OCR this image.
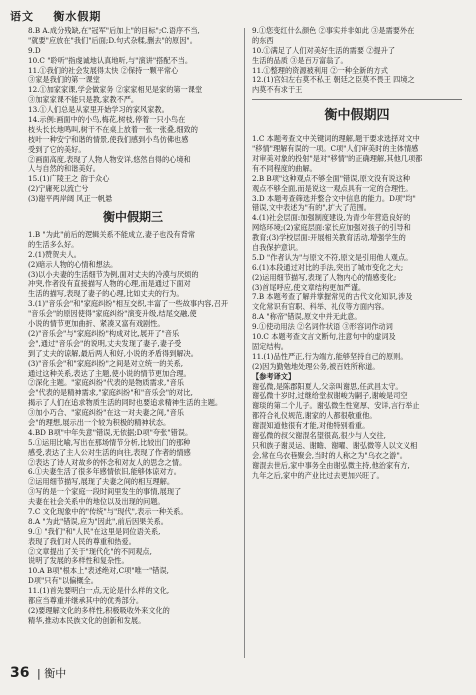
语文 衡水假期
8.B A.成分残缺,在"冠军"后加上"的目标";C.语序不当,
"就要"应放在"我们"后面;D.句式杂糅,删去"的原因"。
9.D
10.C "聆听"指虔诚地认真地听,与"演讲"搭配不当。
11.①我们的社会发展得太快 ②保持一颗平常心
③家是我们的第一课堂
12.①加家家课,学会做家务 ②家家相见是家的第一课堂
③加家家课不能只是教,家教不严。
13.①人们总是从家里开始学习的家风家教。
14.示例:画面中的小鸟,梅花,树枝,停着一只小鸟在
枝头长长地鸣叫,树干不在桌上放着一张一张叠,细致的
枝叶一种安宁和谐的情景,使我们感到小鸟仿佛也感
受到了它的美好。
②画面高度,表现了人物人物安详,悠然自得的心境和
人与自然的和谐美好。
15.(1)广陵王之 韵于众心
(2)宁庸死以流亡兮
(3)谢平两岸阔 风正一帆悬
衡中假期三
1.B "为此"前后的逻辑关系不能成立,妻子也没有背常
的生活多么好。
2.(1)赞贺夫人。
(2)暗示人物的心情和想法。
(3)以小夫妻的生活细节为例,面对丈夫的冷漠与厌烦的
冲突,作者没有直接描写人物的心理,而是通过下面对
生活的描写,表现了妻子的心理,比如丈夫的行为。
3.(1)"音乐会"和"家庭纠纷"相互交织,丰富了一些故事内容,召开
"音乐会"的原因使得"家庭纠纷"演变升级,结尾交融,使
小说的情节更加曲折、紧凑又富有戏剧性。
(2)"音乐会"与"家庭纠纷"构成对比,展开了"音乐
会",通过"音乐会"的说明,丈夫发现了妻子,妻子受
到了丈夫的谅解,最后两人和好,小说的矛盾得到解决。
(3)"音乐会"和"家庭纠纷"之间是对立统一的关系,
通过这种关系,表达了主题,使小说的情节更加合理。
②深化主题。"家庭纠纷"代表的是物质需求,"音乐
会"代表的是精神需求,"家庭纠纷"和"音乐会"的对比,
揭示了人们在追求物质生活的同时也要追求精神生活的主题。
③加小巧合、"家庭纠纷"在这一对夫妻之间,"音乐
会"的理想,展示出一个较为积极的精神状态。
4.BD B项"中年失意"错误,无依据;D项"夸张"错误。
5.①运用比喻,写出在那场情节分析,比较出门的那种
感受,表达了主人公对生活的向往,表现了作者的情感
②表达了诗人对故乡的怀念和对友人的思念之情。
6.①夫妻生活了很多年感情依旧,能够体谅对方。
②运用细节描写,展现了夫妻之间的相互理解。
③写的是一个家庭一段时间里发生的事情,展现了
夫妻在社会关系中的地位以及出现的问题。
7.C 文化现象中的"传统"与"现代",表示一种关系。
8.A "为此"错误,应为"因此",前后因果关系。
9.① "我们"和"人民"在这里是同位语关系,
表现了我们对人民的尊重和热爱。
②文章提出了关于"现代化"的不同观点,
说明了发展的多样性和复杂性。
10.A B项"根本上"表述绝对,C项"唯一"错误,
D项"只有"以偏概全。
11.(1)首先要明白一点,无论是什么样的文化,
都应当尊重并继承其中的优秀部分。
(2)要理解文化的多样性,积极吸收外来文化的
精华,推动本民族文化的创新和发展。
9.①您变红什么颜色 ②事实并非如此 ③是需要外在
的东西
10.①满足了人们对美好生活的需要 ②提升了
生活的品质 ③是百万富翁了。
11.①整理的资源被利用 ②一种全新的方式
12.(1)宫妇左右莫不私王 朝廷之臣莫不畏王 四境之
内莫不有求于王
衡中假期四
1.C 本题考查文中关键词的理解,题干要求选择对文中
"移情"理解有误的一项。C项"人们审美时的主体情感
对审美对象的投射"是对"移情"的正确理解,其他几项都
有不同程度的曲解。
2.B B项"这种观点不够全面"错误,原文没有说这种
观点不够全面,而是说这一观点具有一定的合理性。
3.D 本题考查筛选并整合文中信息的能力。D项"均"
错误,文中表述为"有的",扩大了范围。
4.(1)社会层面:加强制度建设,为青少年营造良好的
网络环境;(2)家庭层面:家长应加强对孩子的引导和
教育;(3)学校层面:开展相关教育活动,增强学生的
自我保护意识。
5.D "作者认为"与原文不符,原文是引用他人观点。
6.(1)本段通过对比的手法,突出了城市变化之大;
(2)运用细节描写,表现了人物内心的情感变化;
(3)首尾呼应,使文章结构更加严谨。
7.B 本题考查了解并掌握常见的古代文化知识,涉及
文化常识有官职、科举、礼仪等方面内容。
8.A "称帝"错误,原文中并无此意。
9.①使动用法 ②名词作状语 ③形容词作动词
10.C 本题考查文言文断句,注意句中的虚词及
固定结构。
11.(1)品性严正,行为端方,能够坚持自己的原则。
(2)因为勤勉地处理公务,被百姓所称道。
【参考译文】
谢弘微,是陈郡阳夏人,父亲叫谢思,任武昌太守。
谢弘微十岁时,过继给堂叔谢峻为嗣子,谢峻是司空
谢琰的第二个儿子。谢弘微生性宽厚、安详,言行举止
都符合礼仪规范,谢家的人都很敬重他。
谢混知道他很有才能,对他特别看重。
谢弘微的叔父谢混名望很高,很少与人交往,
只和族子谢灵运、谢瞻、谢曜、谢弘微等人以文义相
会,常在乌衣巷聚会,当时的人称之为"乌衣之游"。
谢混去世后,家中事务全由谢弘微主持,他治家有方,
九年之后,家中的产业比过去更加兴旺了。
36 | 衡中
